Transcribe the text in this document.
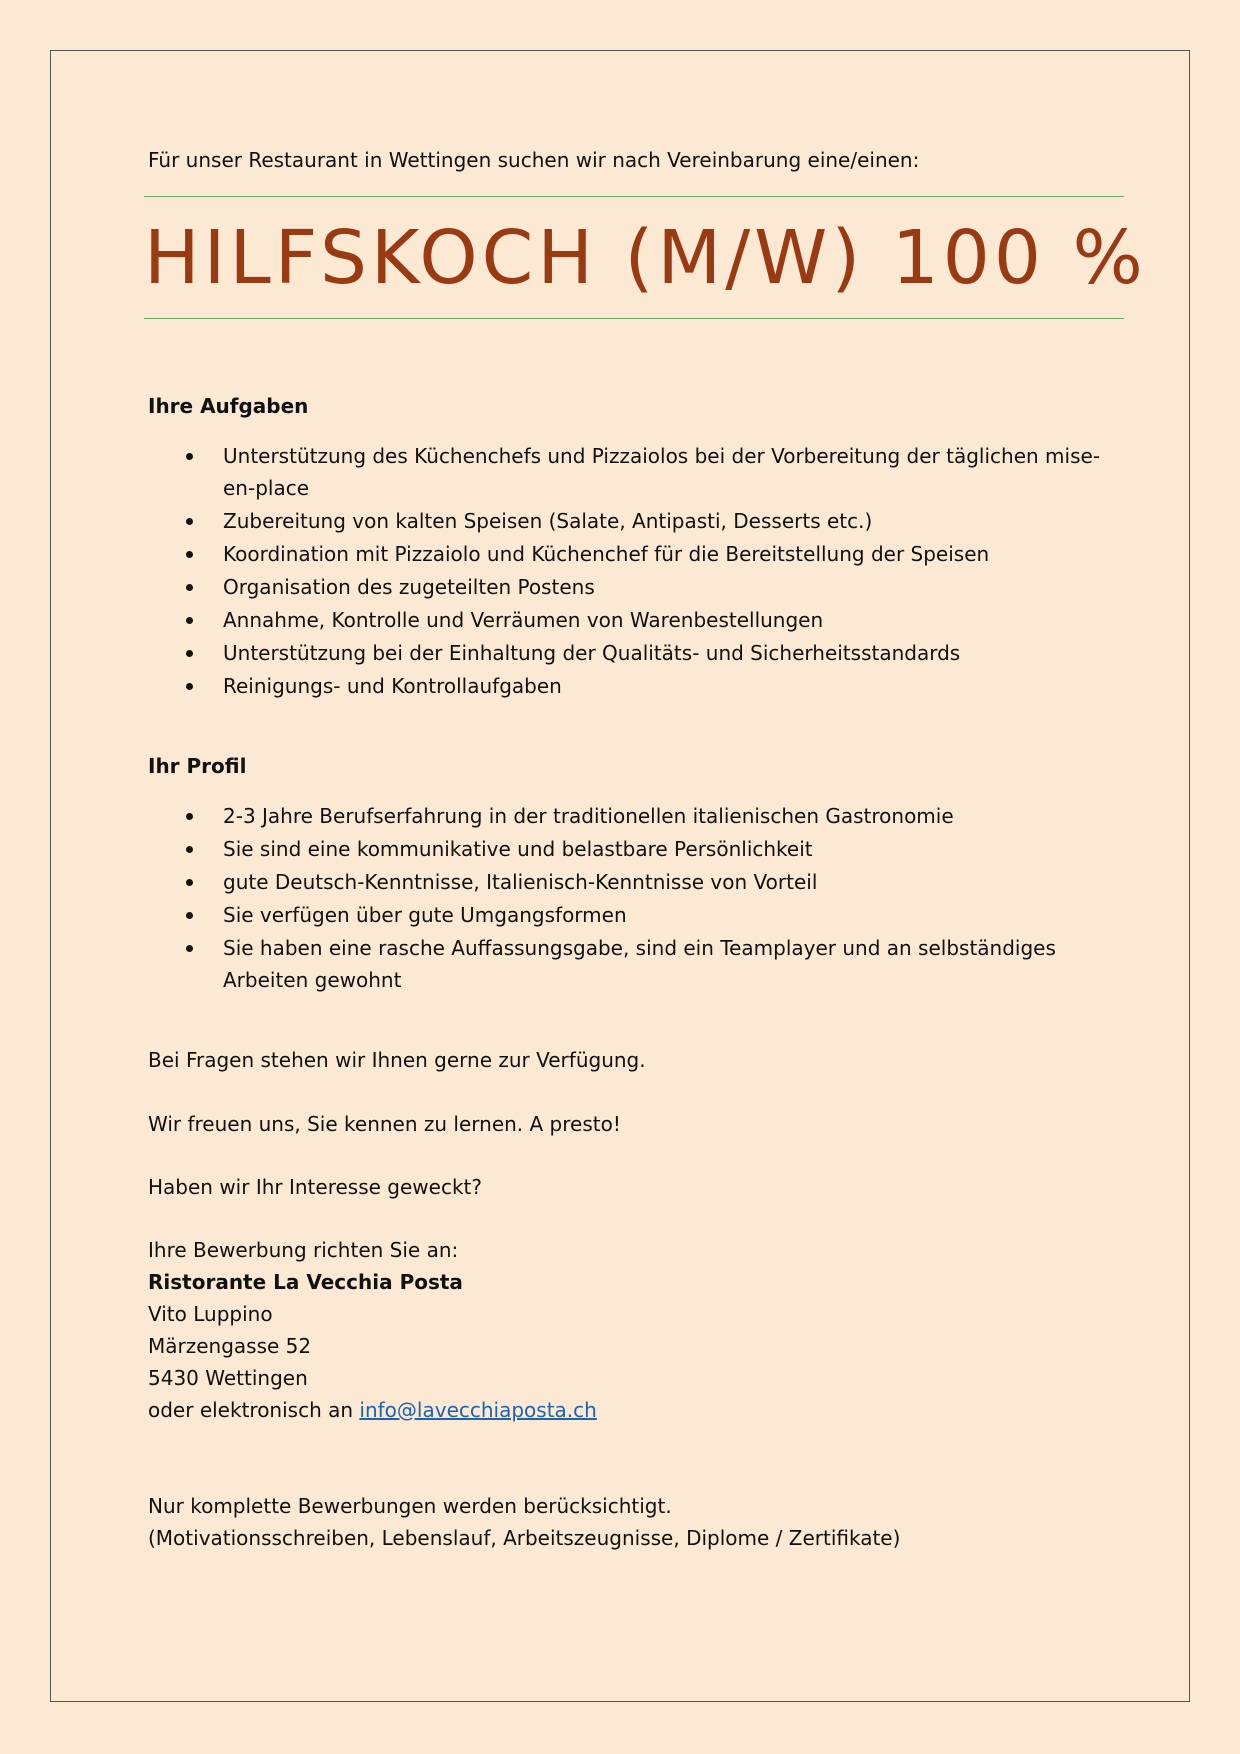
HILFSKOCH (M/W) 100 %
Für unser Restaurant in Wettingen suchen wir nach Vereinbarung eine/einen:
Ihre Aufgaben
Unterstützung des Küchenchefs und Pizzaiolos bei der Vorbereitung der täglichen mise-en-place
Zubereitung von kalten Speisen (Salate, Antipasti, Desserts etc.)
Koordination mit Pizzaiolo und Küchenchef für die Bereitstellung der Speisen
Organisation des zugeteilten Postens
Annahme, Kontrolle und Verräumen von Warenbestellungen
Unterstützung bei der Einhaltung der Qualitäts- und Sicherheitsstandards
Reinigungs- und Kontrollaufgaben
Ihr Profil
2-3 Jahre Berufserfahrung in der traditionellen italienischen Gastronomie
Sie sind eine kommunikative und belastbare Persönlichkeit
gute Deutsch-Kenntnisse, Italienisch-Kenntnisse von Vorteil
Sie verfügen über gute Umgangsformen
Sie haben eine rasche Auffassungsgabe, sind ein Teamplayer und an selbständiges Arbeiten gewohnt
Bei Fragen stehen wir Ihnen gerne zur Verfügung.
Wir freuen uns, Sie kennen zu lernen. A presto!
Haben wir Ihr Interesse geweckt?
Ihre Bewerbung richten Sie an:
Ristorante La Vecchia Posta
Vito Luppino
Märzengasse 52
5430 Wettingen
oder elektronisch an info@lavecchiaposta.ch
Nur komplette Bewerbungen werden berücksichtigt.
(Motivationsschreiben, Lebenslauf, Arbeitszeugnisse, Diplome / Zertifikate)
